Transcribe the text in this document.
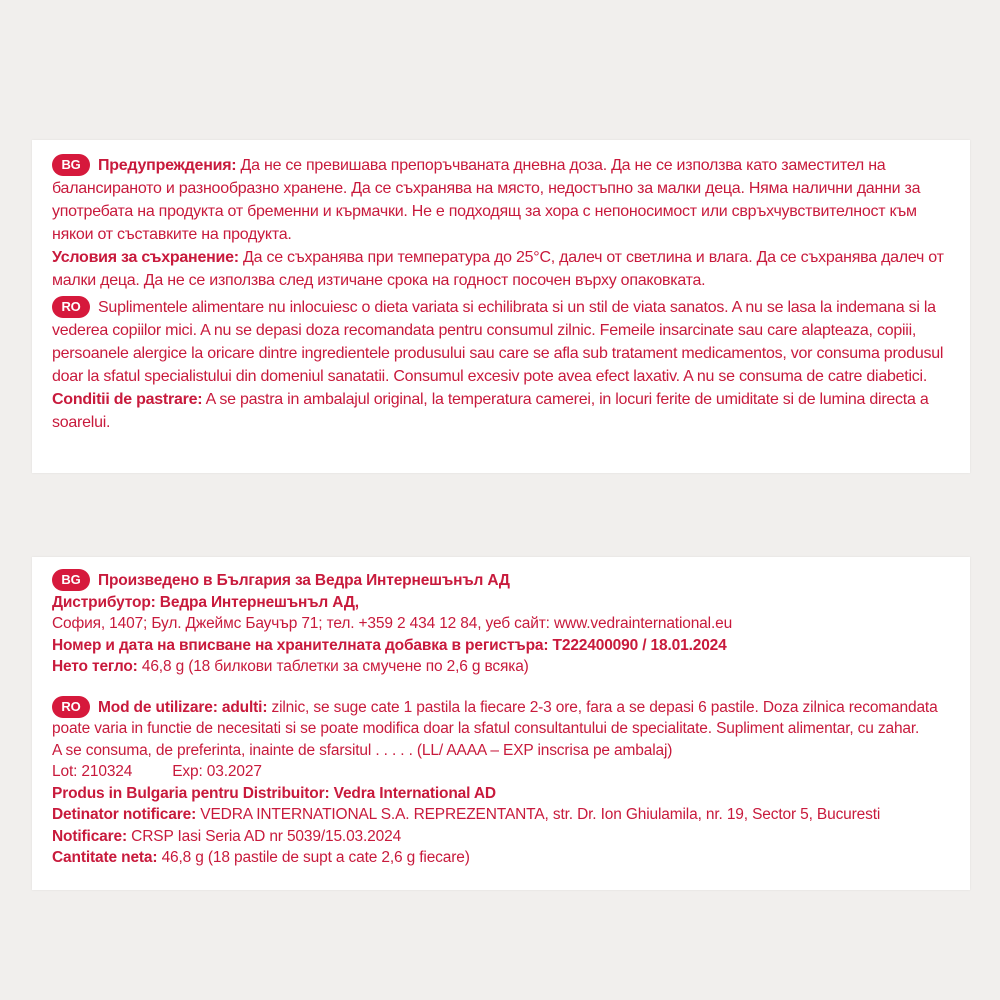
BG Предупреждения: Да не се превишава препоръчваната дневна доза. Да не се използва като заместител на балансираното и разнообразно хранене. Да се съхранява на място, недостъпно за малки деца. Няма налични данни за употребата на продукта от бременни и кърмачки. Не е подходящ за хора с непоносимост или свръхчувствителност към някои от съставките на продукта.

Условия за съхранение: Да се съхранява при температура до 25°C, далеч от светлина и влага. Да се съхранява далеч от малки деца. Да не се използва след изтичане срока на годност посочен върху опаковката.

RO Suplimentele alimentare nu inlocuiesc o dieta variata si echilibrata si un stil de viata sanatos. A nu se lasa la indemana si la vederea copiilor mici. A nu se depasi doza recomandata pentru consumul zilnic. Femeile insarcinate sau care alapteaza, copiii, persoanele alergice la oricare dintre ingredientele produsului sau care se afla sub tratament medicamentos, vor consuma produsul doar la sfatul specialistului din domeniul sanatatii. Consumul excesiv pote avea efect laxativ. A nu se consuma de catre diabetici.

Conditii de pastrare: A se pastra in ambalajul original, la temperatura camerei, in locuri ferite de umiditate si de lumina directa a soarelui.

BG Произведено в България за Ведра Интернешънъл АД

Дистрибутор: Ведра Интернешънъл АД,

София, 1407; Бул. Джеймс Баучър 71; тел. +359 2 434 12 84, уеб сайт: www.vedrainternational.eu

Номер и дата на вписване на хранителната добавка в регистъра: T222400090 / 18.01.2024

Нето тегло: 46,8 g (18 билкови таблетки за смучене по 2,6 g всяка)

RO Mod de utilizare: adulti: zilnic, se suge cate 1 pastila la fiecare 2-3 ore, fara a se depasi 6 pastile. Doza zilnica recomandata poate varia in functie de necesitati si se poate modifica doar la sfatul consultantului de specialitate. Supliment alimentar, cu zahar.

A se consuma, de preferinta, inainte de sfarsitul . . . . . (LL/ AAAA – EXP inscrisa pe ambalaj)

Lot: 210324	Exp: 03.2027

Produs in Bulgaria pentru Distribuitor: Vedra International AD

Detinator notificare: VEDRA INTERNATIONAL S.A. REPREZENTANTA, str. Dr. Ion Ghiulamila, nr. 19, Sector 5, Bucuresti

Notificare: CRSP Iasi Seria AD nr 5039/15.03.2024

Cantitate neta: 46,8 g (18 pastile de supt a cate 2,6 g fiecare)
